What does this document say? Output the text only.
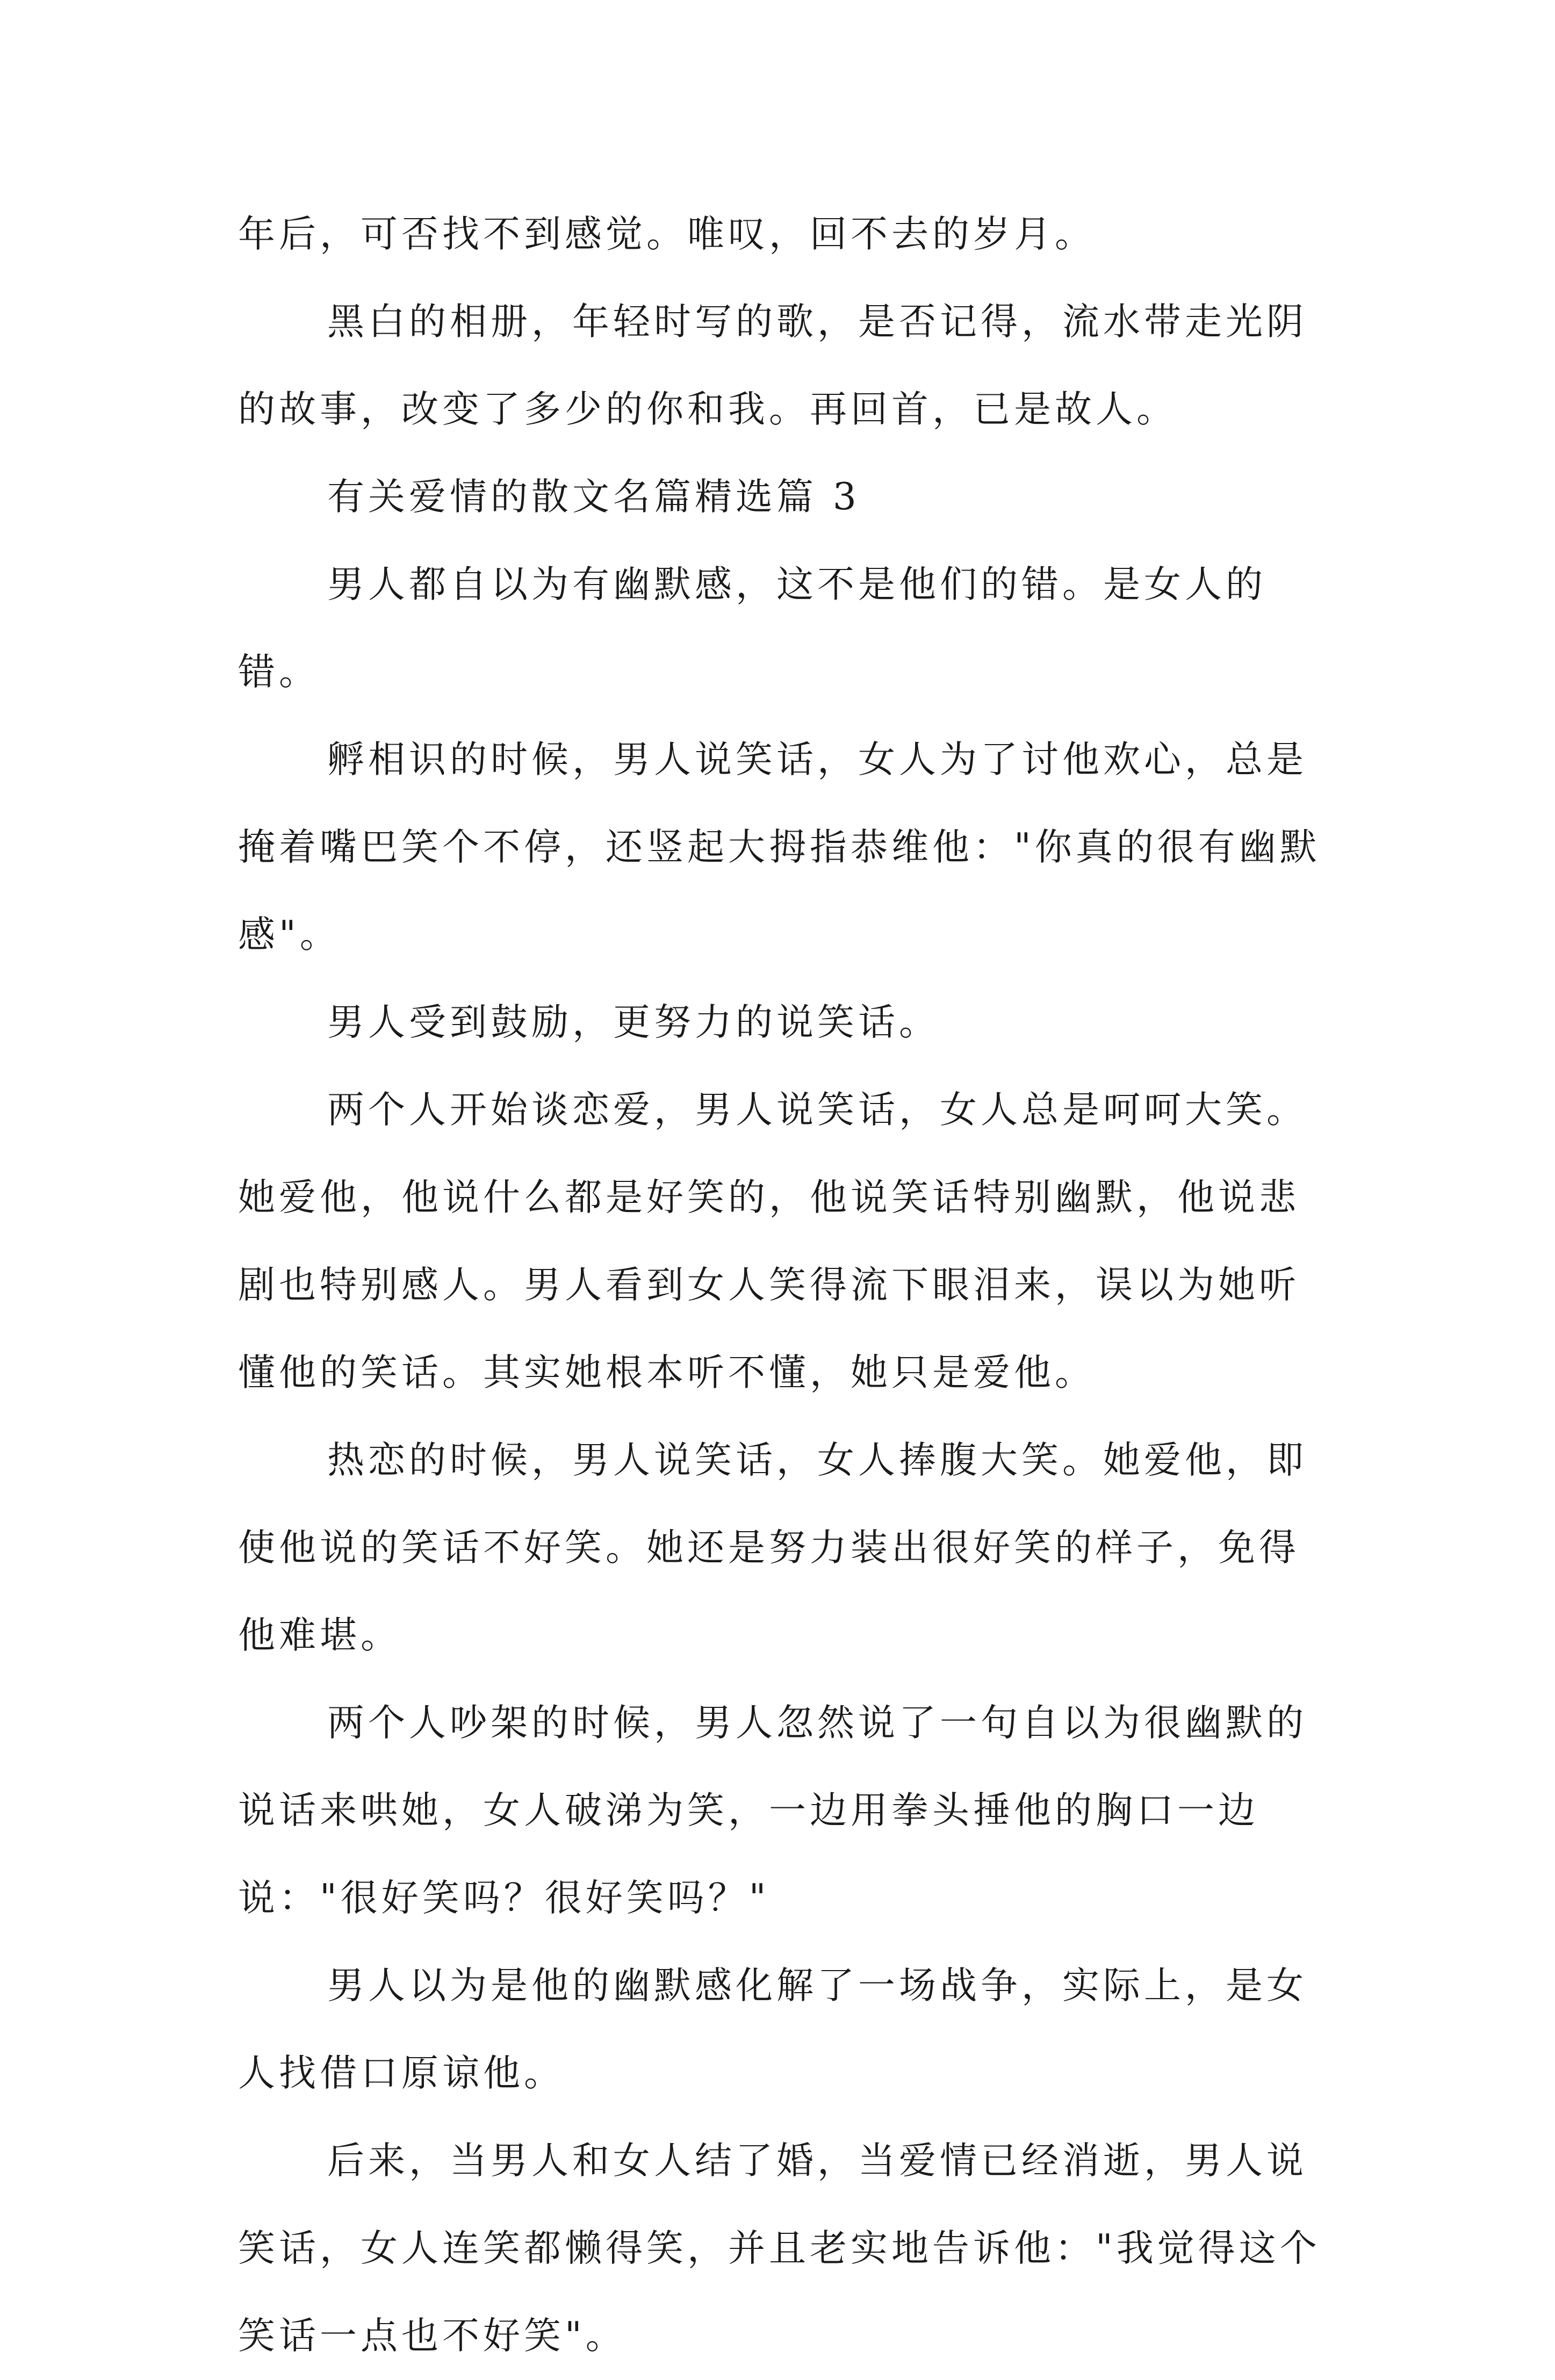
年后，可否找不到感觉。唯叹，回不去的岁月。

黑白的相册，年轻时写的歌，是否记得，流水带走光阴的故事，改变了多少的你和我。再回首，已是故人。

有关爱情的散文名篇精选篇 3

男人都自以为有幽默感，这不是他们的错。是女人的错。

孵相识的时候，男人说笑话，女人为了讨他欢心，总是掩着嘴巴笑个不停，还竖起大拇指恭维他："你真的很有幽默感"。

男人受到鼓励，更努力的说笑话。

两个人开始谈恋爱，男人说笑话，女人总是呵呵大笑。她爱他，他说什么都是好笑的，他说笑话特别幽默，他说悲剧也特别感人。男人看到女人笑得流下眼泪来，误以为她听懂他的笑话。其实她根本听不懂，她只是爱他。

热恋的时候，男人说笑话，女人捧腹大笑。她爱他，即使他说的笑话不好笑。她还是努力装出很好笑的样子，免得他难堪。

两个人吵架的时候，男人忽然说了一句自以为很幽默的说话来哄她，女人破涕为笑，一边用拳头捶他的胸口一边说："很好笑吗？很好笑吗？"

男人以为是他的幽默感化解了一场战争，实际上，是女人找借口原谅他。

后来，当男人和女人结了婚，当爱情已经消逝，男人说笑话，女人连笑都懒得笑，并且老实地告诉他："我觉得这个笑话一点也不好笑"。
